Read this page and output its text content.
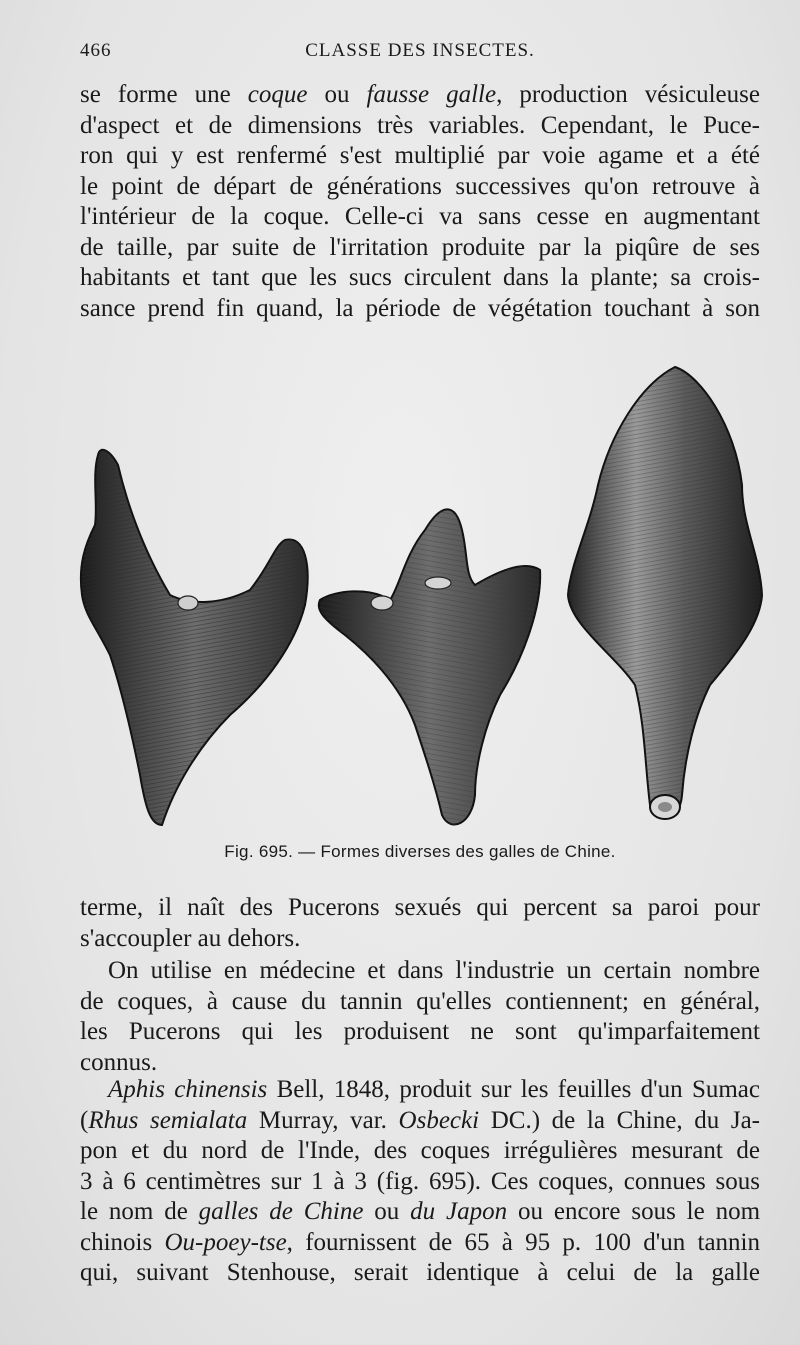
466	CLASSE DES INSECTES.
se forme une coque ou fausse galle, production vésiculeuse
d'aspect et de dimensions très variables. Cependant, le Puce-
ron qui y est renfermé s'est multiplié par voie agame et a été
le point de départ de générations successives qu'on retrouve à
l'intérieur de la coque. Celle-ci va sans cesse en augmentant
de taille, par suite de l'irritation produite par la piqûre de ses
habitants et tant que les sucs circulent dans la plante; sa crois-
sance prend fin quand, la période de végétation touchant à son
Fig. 695. — Formes diverses des galles de Chine.
terme, il naît des Pucerons sexués qui percent sa paroi pour
s'accoupler au dehors.
On utilise en médecine et dans l'industrie un certain nombre
de coques, à cause du tannin qu'elles contiennent; en général,
les Pucerons qui les produisent ne sont qu'imparfaitement
connus.
Aphis chinensis Bell, 1848, produit sur les feuilles d'un Sumac
(Rhus semialata Murray, var. Osbecki DC.) de la Chine, du Ja-
pon et du nord de l'Inde, des coques irrégulières mesurant de
3 à 6 centimètres sur 1 à 3 (fig. 695). Ces coques, connues sous
le nom de galles de Chine ou du Japon ou encore sous le nom
chinois Ou-poey-tse, fournissent de 65 à 95 p. 100 d'un tannin
qui, suivant Stenhouse, serait identique à celui de la galle
